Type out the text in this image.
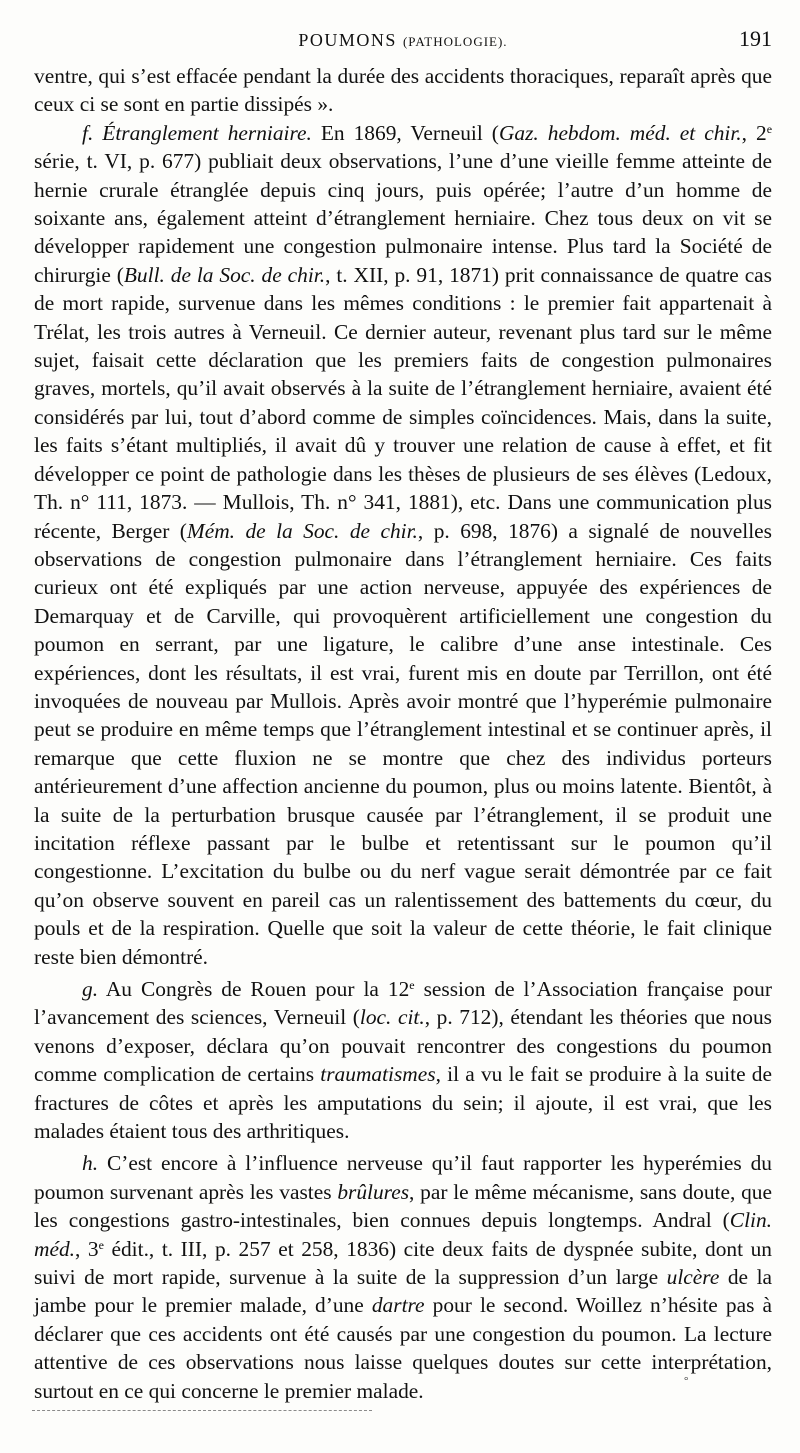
POUMONS (PATHOLOGIE).	191

ventre, qui s’est effacée pendant la durée des accidents thoraciques, reparaît après que ceux ci se sont en partie dissipés ».

f. Étranglement herniaire. En 1869, Verneuil (Gaz. hebdom. méd. et chir., 2e série, t. VI, p. 677) publiait deux observations, l’une d’une vieille femme atteinte de hernie crurale étranglée depuis cinq jours, puis opérée; l’autre d’un homme de soixante ans, également atteint d’étranglement herniaire. Chez tous deux on vit se développer rapidement une congestion pulmonaire intense. Plus tard la Société de chirurgie (Bull. de la Soc. de chir., t. XII, p. 91, 1871) prit connaissance de quatre cas de mort rapide, survenue dans les mêmes conditions : le premier fait appartenait à Trélat, les trois autres à Verneuil. Ce dernier auteur, revenant plus tard sur le même sujet, faisait cette déclaration que les premiers faits de congestion pulmonaires graves, mortels, qu’il avait observés à la suite de l’étranglement herniaire, avaient été considérés par lui, tout d’abord comme de simples coïncidences. Mais, dans la suite, les faits s’étant multipliés, il avait dû y trouver une relation de cause à effet, et fit développer ce point de pathologie dans les thèses de plusieurs de ses élèves (Ledoux, Th. n° 111, 1873. — Mullois, Th. n° 341, 1881), etc. Dans une communication plus récente, Berger (Mém. de la Soc. de chir., p. 698, 1876) a signalé de nouvelles observations de congestion pulmonaire dans l’étranglement herniaire. Ces faits curieux ont été expliqués par une action nerveuse, appuyée des expériences de Demarquay et de Carville, qui provoquèrent artificiellement une congestion du poumon en serrant, par une ligature, le calibre d’une anse intestinale. Ces expériences, dont les résultats, il est vrai, furent mis en doute par Terrillon, ont été invoquées de nouveau par Mullois. Après avoir montré que l’hyperémie pulmonaire peut se produire en même temps que l’étranglement intestinal et se continuer après, il remarque que cette fluxion ne se montre que chez des individus porteurs antérieurement d’une affection ancienne du poumon, plus ou moins latente. Bientôt, à la suite de la perturbation brusque causée par l’étranglement, il se produit une incitation réflexe passant par le bulbe et retentissant sur le poumon qu’il congestionne. L’excitation du bulbe ou du nerf vague serait démontrée par ce fait qu’on observe souvent en pareil cas un ralentissement des battements du cœur, du pouls et de la respiration. Quelle que soit la valeur de cette théorie, le fait clinique reste bien démontré.

g. Au Congrès de Rouen pour la 12e session de l’Association française pour l’avancement des sciences, Verneuil (loc. cit., p. 712), étendant les théories que nous venons d’exposer, déclara qu’on pouvait rencontrer des congestions du poumon comme complication de certains traumatismes, il a vu le fait se produire à la suite de fractures de côtes et après les amputations du sein; il ajoute, il est vrai, que les malades étaient tous des arthritiques.

h. C’est encore à l’influence nerveuse qu’il faut rapporter les hyperémies du poumon survenant après les vastes brûlures, par le même mécanisme, sans doute, que les congestions gastro-intestinales, bien connues depuis longtemps. Andral (Clin. méd., 3e édit., t. III, p. 257 et 258, 1836) cite deux faits de dyspnée subite, dont un suivi de mort rapide, survenue à la suite de la suppression d’un large ulcère de la jambe pour le premier malade, d’une dartre pour le second. Woillez n’hésite pas à déclarer que ces accidents ont été causés par une congestion du poumon. La lecture attentive de ces observations nous laisse quelques doutes sur cette interprétation, surtout en ce qui concerne le premier malade.	°
